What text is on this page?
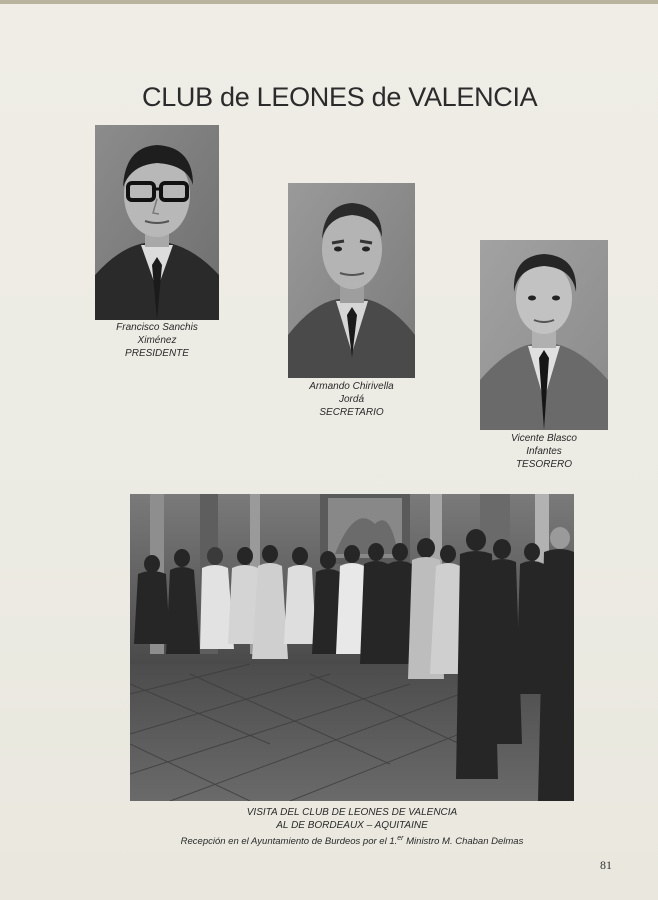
CLUB de LEONES de VALENCIA
Francisco Sanchis
Ximénez
PRESIDENTE
Armando Chirivella
Jordá
SECRETARIO
Vicente Blasco
Infantes
TESORERO
VISITA DEL CLUB DE LEONES DE VALENCIA
AL DE BORDEAUX – AQUITAINE
Recepción en el Ayuntamiento de Burdeos por el 1.$^{er}$ Ministro M. Chaban Delmas
81
